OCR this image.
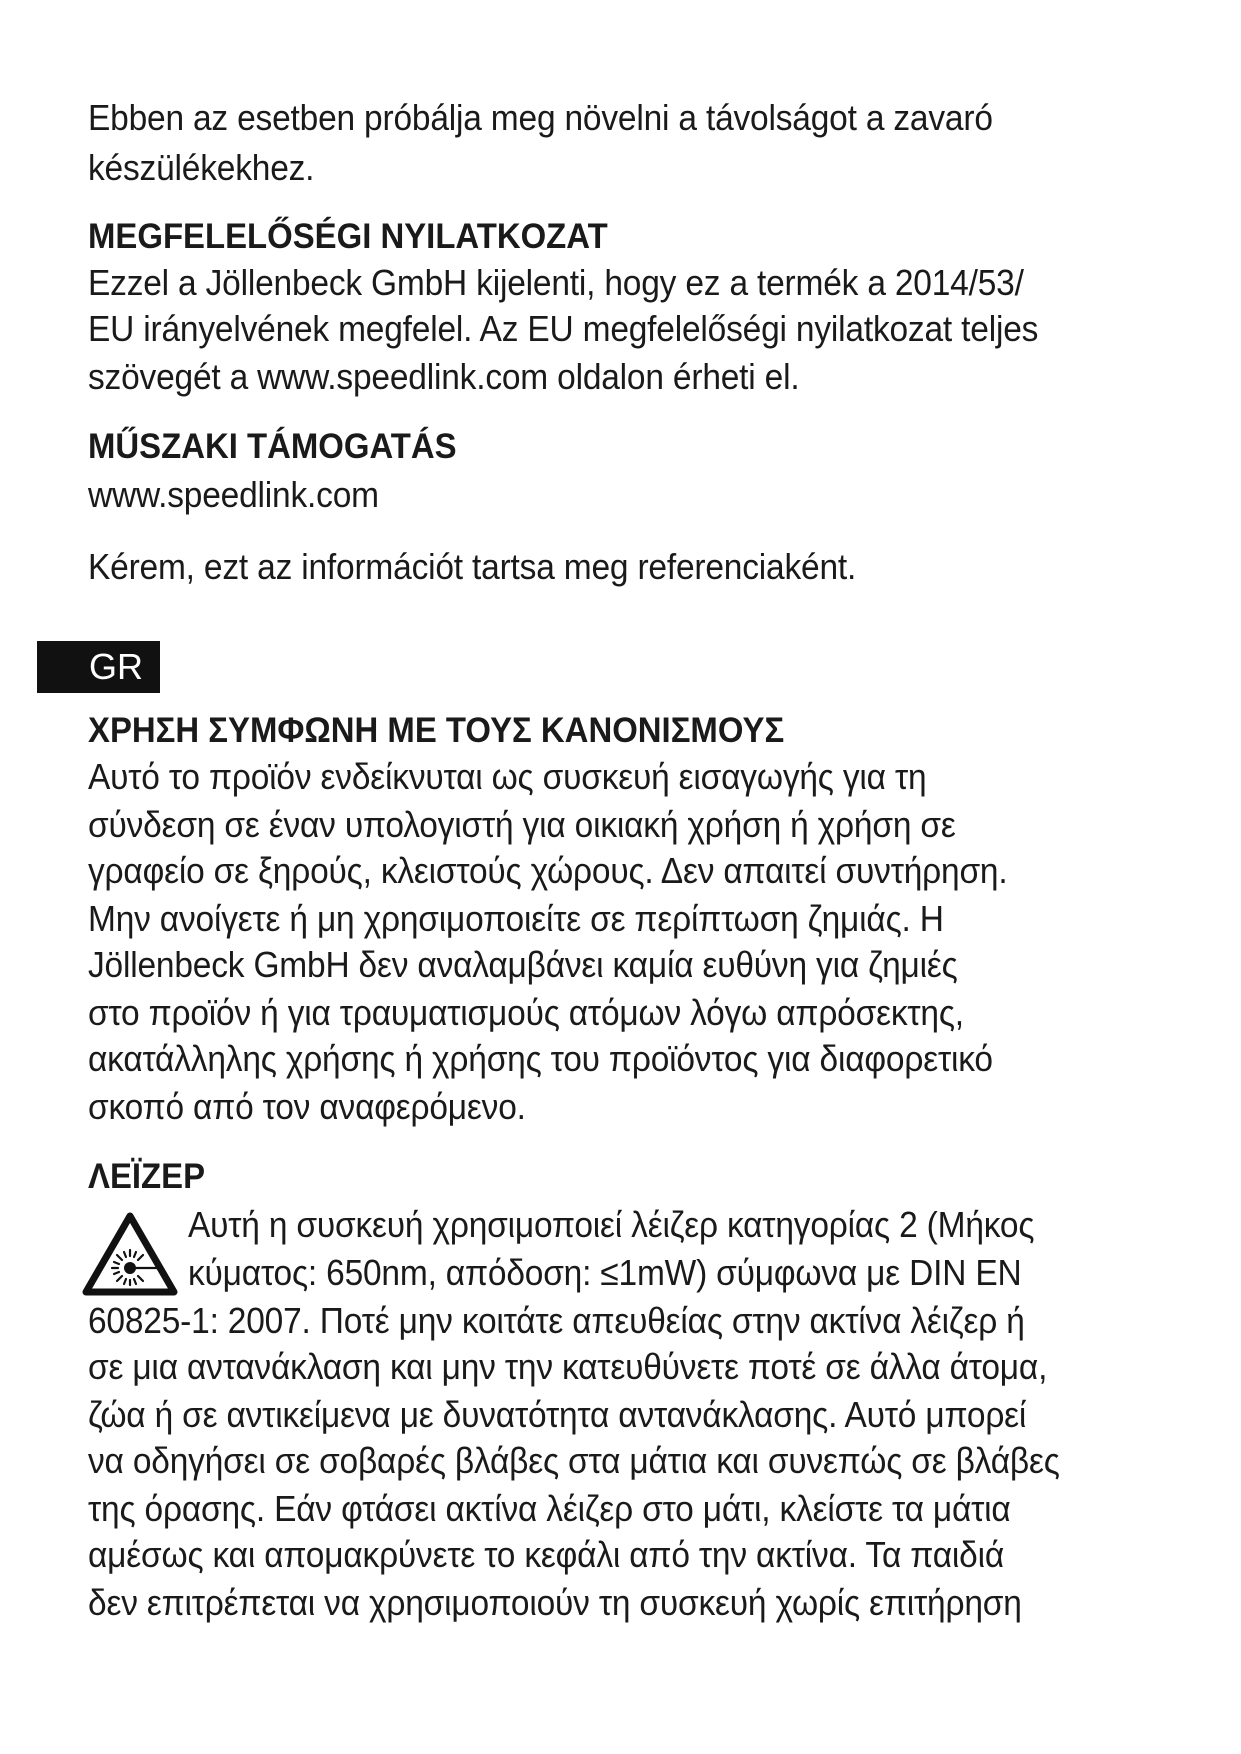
Ebben az esetben próbálja meg növelni a távolságot a zavaró
készülékekhez.
MEGFELELŐSÉGI NYILATKOZAT
Ezzel a Jöllenbeck GmbH kijelenti, hogy ez a termék a 2014/53/
EU irányelvének megfelel. Az EU megfelelőségi nyilatkozat teljes
szövegét a www.speedlink.com oldalon érheti el.
MŰSZAKI TÁMOGATÁS
www.speedlink.com
Kérem, ezt az információt tartsa meg referenciaként.
GR
ΧΡΗΣΗ ΣΥΜΦΩΝΗ ΜΕ ΤΟΥΣ ΚΑΝΟΝΙΣΜΟΥΣ
Αυτό το προϊόν ενδείκνυται ως συσκευή εισαγωγής για τη
σύνδεση σε έναν υπολογιστή για οικιακή χρήση ή χρήση σε
γραφείο σε ξηρούς, κλειστούς χώρους. Δεν απαιτεί συντήρηση.
Μην ανοίγετε ή μη χρησιμοποιείτε σε περίπτωση ζημιάς. Η
Jöllenbeck GmbH δεν αναλαμβάνει καμία ευθύνη για ζημιές
στο προϊόν ή για τραυματισμούς ατόμων λόγω απρόσεκτης,
ακατάλληλης χρήσης ή χρήσης του προϊόντος για διαφορετικό
σκοπό από τον αναφερόμενο.
ΛΕΪΖΕΡ
Αυτή η συσκευή χρησιμοποιεί λέιζερ κατηγορίας 2 (Μήκος
κύματος: 650nm, απόδοση: ≤1mW) σύμφωνα με DIN EN
60825-1: 2007. Ποτέ μην κοιτάτε απευθείας στην ακτίνα λέιζερ ή
σε μια αντανάκλαση και μην την κατευθύνετε ποτέ σε άλλα άτομα,
ζώα ή σε αντικείμενα με δυνατότητα αντανάκλασης. Αυτό μπορεί
να οδηγήσει σε σοβαρές βλάβες στα μάτια και συνεπώς σε βλάβες
της όρασης. Εάν φτάσει ακτίνα λέιζερ στο μάτι, κλείστε τα μάτια
αμέσως και απομακρύνετε το κεφάλι από την ακτίνα. Τα παιδιά
δεν επιτρέπεται να χρησιμοποιούν τη συσκευή χωρίς επιτήρηση
